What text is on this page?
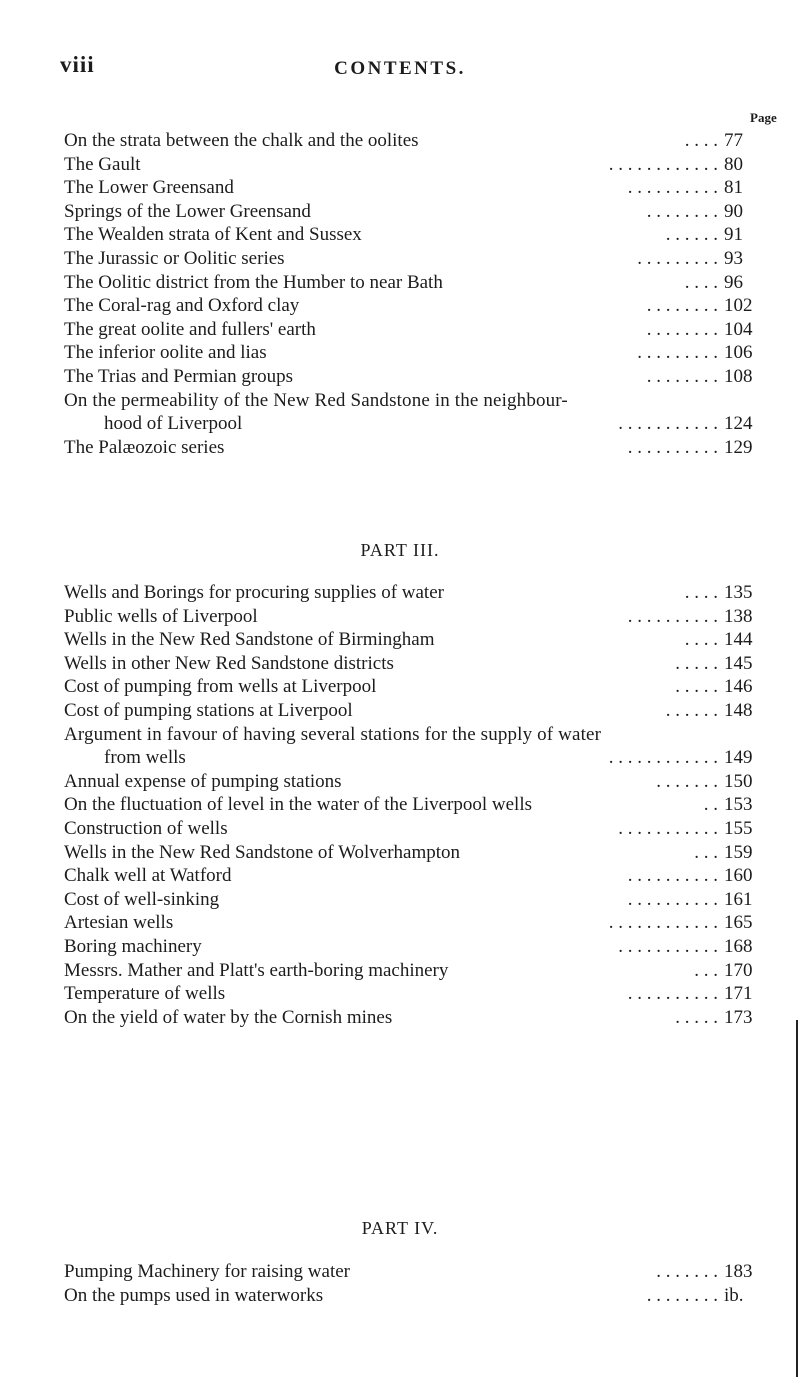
viii	CONTENTS.
Page
On the strata between the chalk and the oolites	. . . . 77
The Gault	. . . . . . . . . . . . 80
The Lower Greensand	. . . . . . . . . . 81
Springs of the Lower Greensand	. . . . . . . . 90
The Wealden strata of Kent and Sussex	. . . . . . 91
The Jurassic or Oolitic series	. . . . . . . . . 93
The Oolitic district from the Humber to near Bath	. . . . 96
The Coral-rag and Oxford clay	. . . . . . . . 102
The great oolite and fullers' earth	. . . . . . . . 104
The inferior oolite and lias	. . . . . . . . . 106
The Trias and Permian groups	. . . . . . . . 108
On the permeability of the New Red Sandstone in the neighbour-
hood of Liverpool	. . . . . . . . . . . 124
The Palæozoic series	. . . . . . . . . . 129
PART III.
Wells and Borings for procuring supplies of water	. . . . 135
Public wells of Liverpool	. . . . . . . . . . 138
Wells in the New Red Sandstone of Birmingham	. . . . 144
Wells in other New Red Sandstone districts	. . . . . 145
Cost of pumping from wells at Liverpool	. . . . . 146
Cost of pumping stations at Liverpool	. . . . . . 148
Argument in favour of having several stations for the supply of water
from wells	. . . . . . . . . . . . 149
Annual expense of pumping stations	. . . . . . . 150
On the fluctuation of level in the water of the Liverpool wells	. . 153
Construction of wells	. . . . . . . . . . . 155
Wells in the New Red Sandstone of Wolverhampton	. . . 159
Chalk well at Watford	. . . . . . . . . . 160
Cost of well-sinking	. . . . . . . . . . 161
Artesian wells	. . . . . . . . . . . . 165
Boring machinery	. . . . . . . . . . . 168
Messrs. Mather and Platt's earth-boring machinery	. . . 170
Temperature of wells	. . . . . . . . . . 171
On the yield of water by the Cornish mines	. . . . . 173
PART IV.
Pumping Machinery for raising water	. . . . . . . 183
On the pumps used in waterworks	. . . . . . . . ib.
